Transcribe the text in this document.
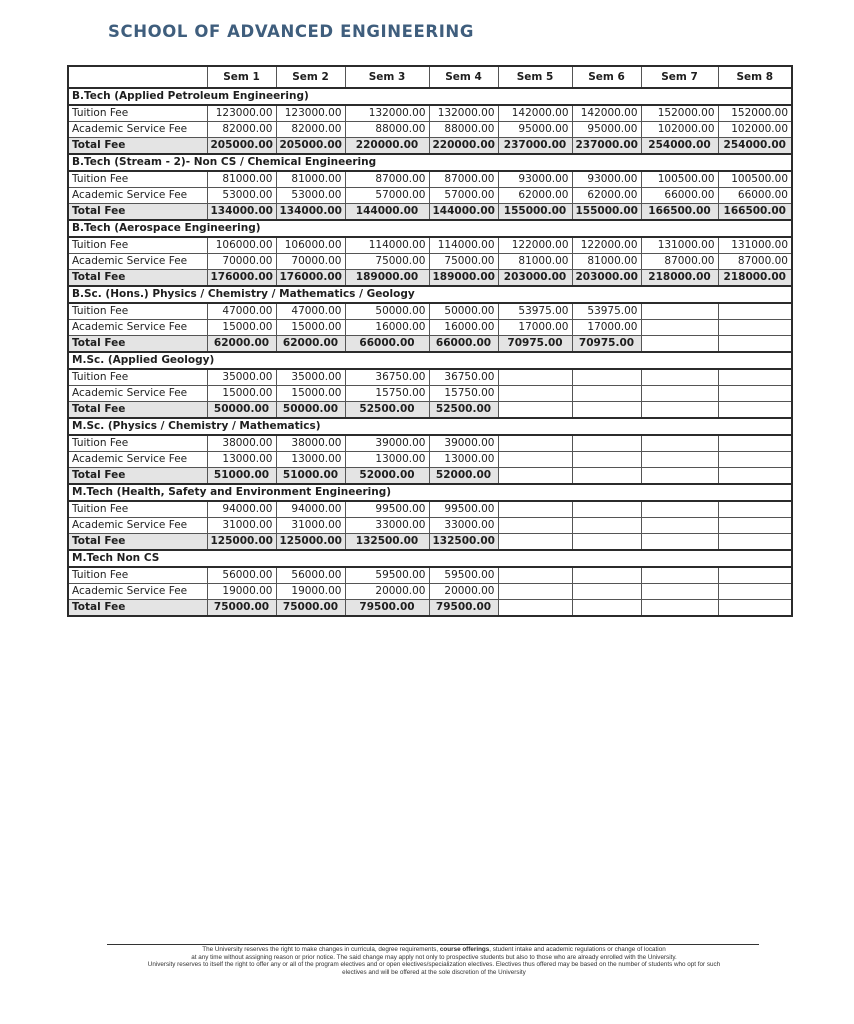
SCHOOL OF ADVANCED ENGINEERING
	Sem 1	Sem 2	Sem 3	Sem 4	Sem 5	Sem 6	Sem 7	Sem 8
B.Tech (Applied Petroleum Engineering)								
Tuition Fee	123000.00	123000.00	132000.00	132000.00	142000.00	142000.00	152000.00	152000.00
Academic Service Fee	82000.00	82000.00	88000.00	88000.00	95000.00	95000.00	102000.00	102000.00
Total Fee	205000.00	205000.00	220000.00	220000.00	237000.00	237000.00	254000.00	254000.00
B.Tech (Stream - 2)- Non CS / Chemical Engineering								
Tuition Fee	81000.00	81000.00	87000.00	87000.00	93000.00	93000.00	100500.00	100500.00
Academic Service Fee	53000.00	53000.00	57000.00	57000.00	62000.00	62000.00	66000.00	66000.00
Total Fee	134000.00	134000.00	144000.00	144000.00	155000.00	155000.00	166500.00	166500.00
B.Tech (Aerospace Engineering)								
Tuition Fee	106000.00	106000.00	114000.00	114000.00	122000.00	122000.00	131000.00	131000.00
Academic Service Fee	70000.00	70000.00	75000.00	75000.00	81000.00	81000.00	87000.00	87000.00
Total Fee	176000.00	176000.00	189000.00	189000.00	203000.00	203000.00	218000.00	218000.00
B.Sc. (Hons.) Physics / Chemistry / Mathematics / Geology								
Tuition Fee	47000.00	47000.00	50000.00	50000.00	53975.00	53975.00		
Academic Service Fee	15000.00	15000.00	16000.00	16000.00	17000.00	17000.00		
Total Fee	62000.00	62000.00	66000.00	66000.00	70975.00	70975.00		
M.Sc. (Applied Geology)								
Tuition Fee	35000.00	35000.00	36750.00	36750.00				
Academic Service Fee	15000.00	15000.00	15750.00	15750.00				
Total Fee	50000.00	50000.00	52500.00	52500.00				
M.Sc. (Physics / Chemistry / Mathematics)								
Tuition Fee	38000.00	38000.00	39000.00	39000.00				
Academic Service Fee	13000.00	13000.00	13000.00	13000.00				
Total Fee	51000.00	51000.00	52000.00	52000.00				
M.Tech (Health, Safety and Environment Engineering)								
Tuition Fee	94000.00	94000.00	99500.00	99500.00				
Academic Service Fee	31000.00	31000.00	33000.00	33000.00				
Total Fee	125000.00	125000.00	132500.00	132500.00				
M.Tech Non CS								
Tuition Fee	56000.00	56000.00	59500.00	59500.00				
Academic Service Fee	19000.00	19000.00	20000.00	20000.00				
Total Fee	75000.00	75000.00	79500.00	79500.00				
The University reserves the right to make changes in curricula, degree requirements, course offerings, student intake and academic regulations or change of location
at any time without assigning reason or prior notice. The said change may apply not only to prospective students but also to those who are already enrolled with the University.
University reserves to itself the right to offer any or all of the program electives and or open electives/specialization electives. Electives thus offered may be based on the number of students who opt for such
electives and will be offered at the sole discretion of the University
